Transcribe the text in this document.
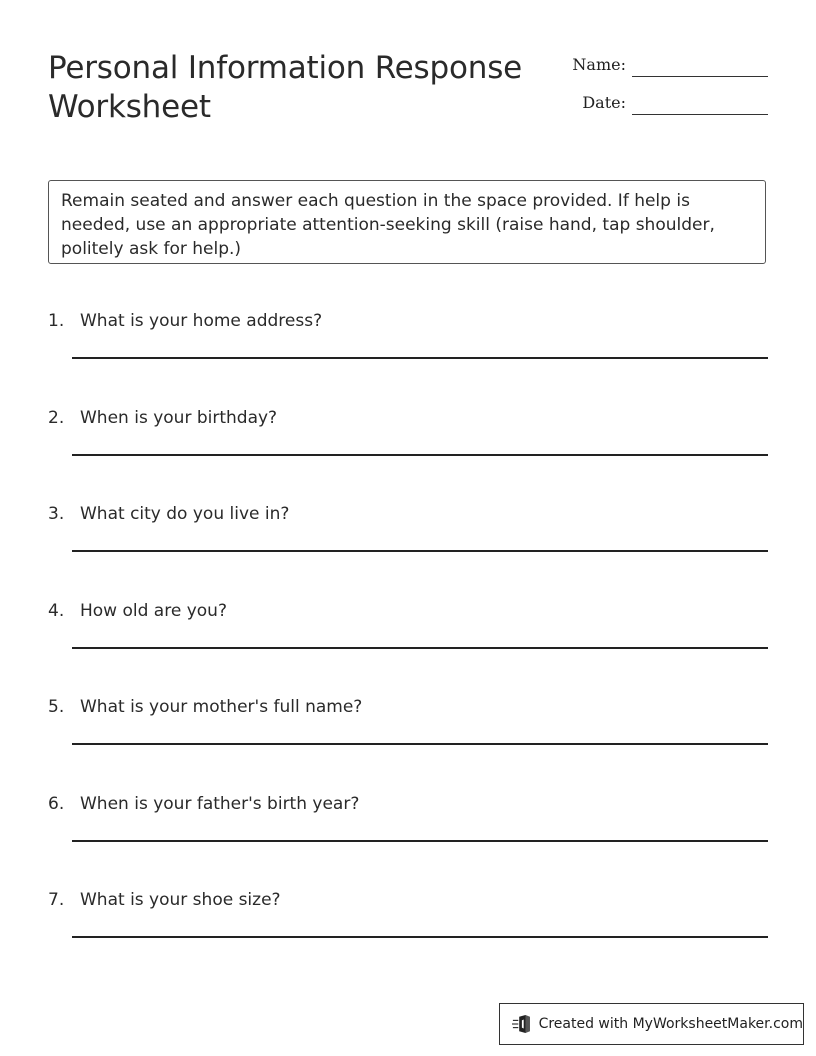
Personal Information Response Worksheet
Name:
Date:
Remain seated and answer each question in the space provided. If help is needed, use an appropriate attention-seeking skill (raise hand, tap shoulder, politely ask for help.)
1. What is your home address?
2. When is your birthday?
3. What city do you live in?
4. How old are you?
5. What is your mother's full name?
6. When is your father's birth year?
7. What is your shoe size?
Created with MyWorksheetMaker.com
